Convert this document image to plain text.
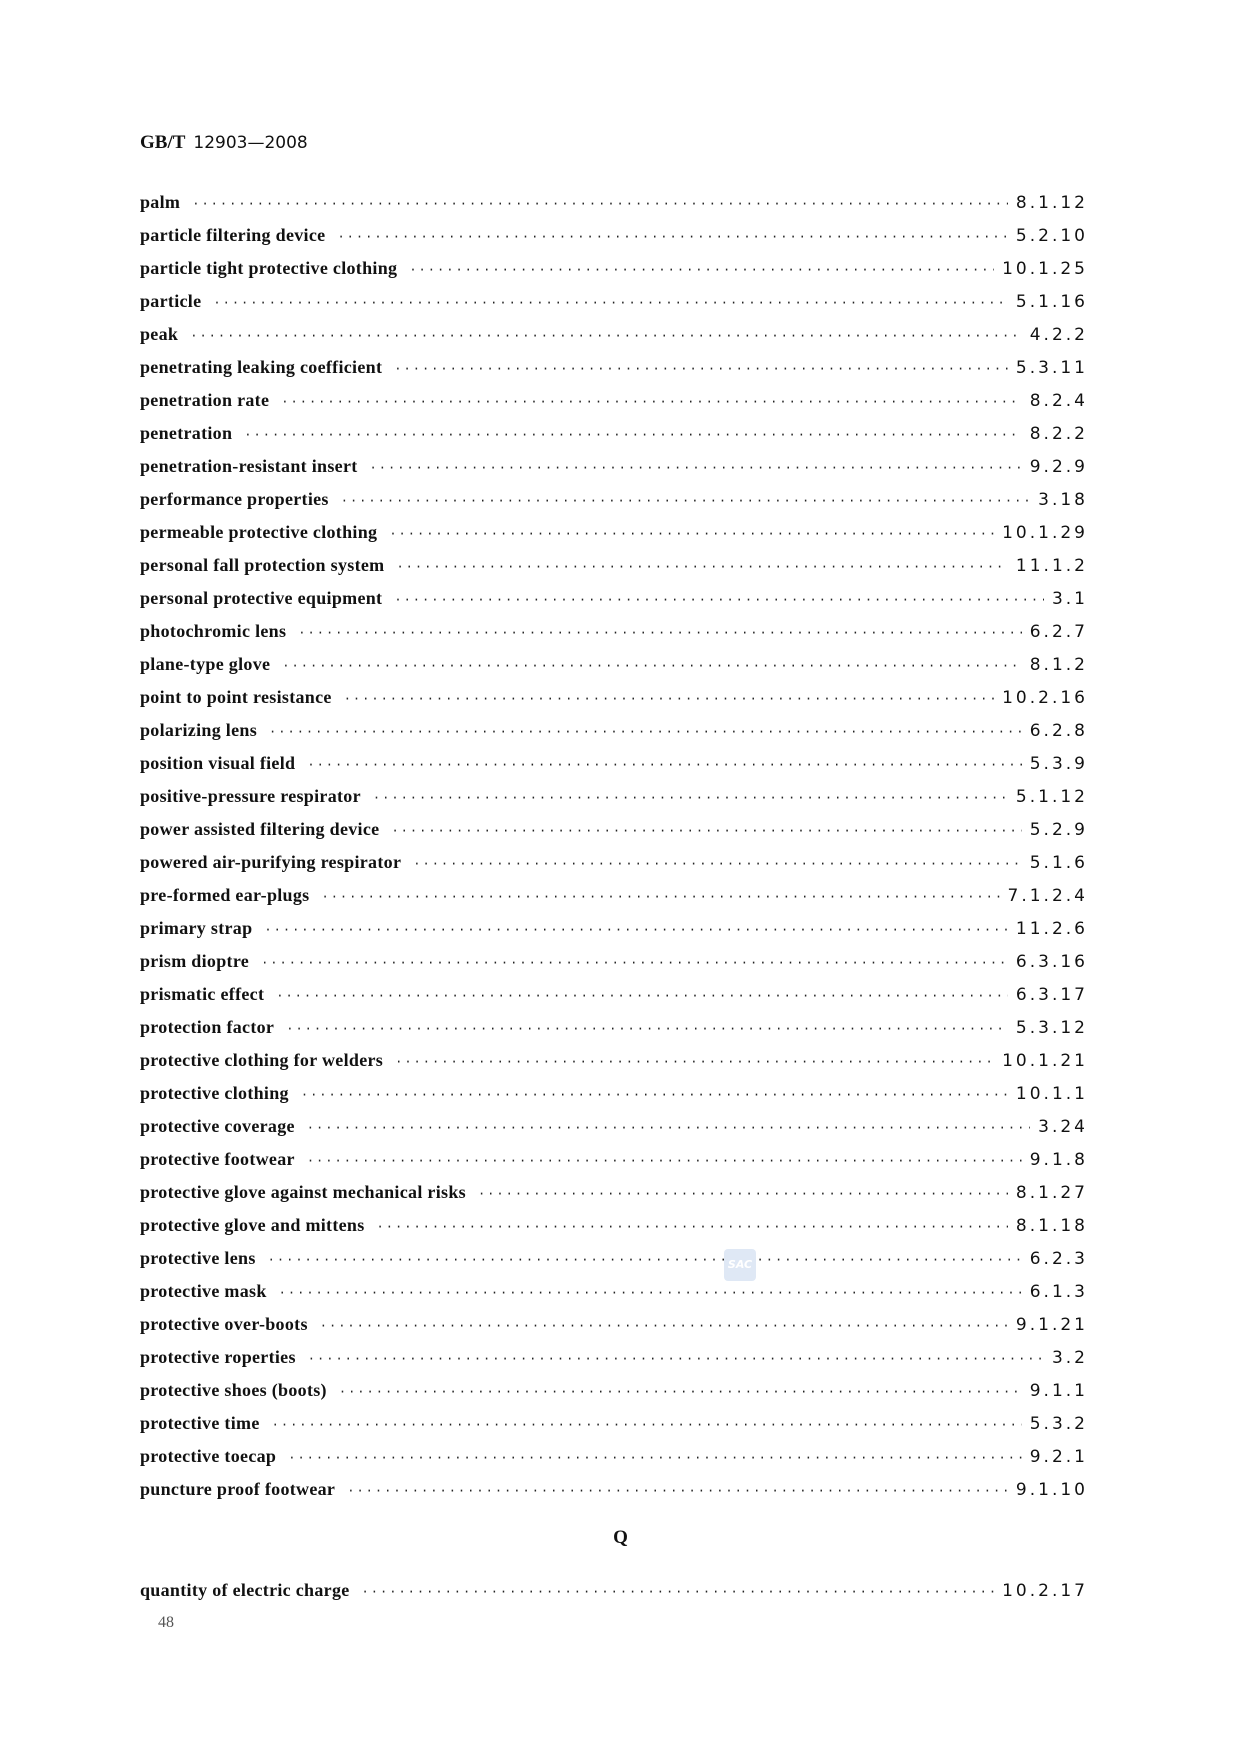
GB/T 12903—2008
palm ·····	8.1.12
particle filtering device ·····	5.2.10
particle tight protective clothing ·····	10.1.25
particle ·····	5.1.16
peak ·····	4.2.2
penetrating leaking coefficient ·····	5.3.11
penetration rate ·····	8.2.4
penetration ·····	8.2.2
penetration-resistant insert ·····	9.2.9
performance properties ·····	3.18
permeable protective clothing ·····	10.1.29
personal fall protection system ·····	11.1.2
personal protective equipment ·····	3.1
photochromic lens ·····	6.2.7
plane-type glove ·····	8.1.2
point to point resistance ·····	10.2.16
polarizing lens ·····	6.2.8
position visual field ·····	5.3.9
positive-pressure respirator ·····	5.1.12
power assisted filtering device ·····	5.2.9
powered air-purifying respirator ·····	5.1.6
pre-formed ear-plugs ·····	7.1.2.4
primary strap ·····	11.2.6
prism dioptre ·····	6.3.16
prismatic effect ·····	6.3.17
protection factor ·····	5.3.12
protective clothing for welders ·····	10.1.21
protective clothing ·····	10.1.1
protective coverage ·····	3.24
protective footwear ·····	9.1.8
protective glove against mechanical risks ·····	8.1.27
protective glove and mittens ·····	8.1.18
protective lens ·····	6.2.3
protective mask ·····	6.1.3
protective over-boots ·····	9.1.21
protective roperties ·····	3.2
protective shoes (boots) ·····	9.1.1
protective time ·····	5.3.2
protective toecap ·····	9.2.1
puncture proof footwear ·····	9.1.10
Q
quantity of electric charge ·····	10.2.17
SAC
48
